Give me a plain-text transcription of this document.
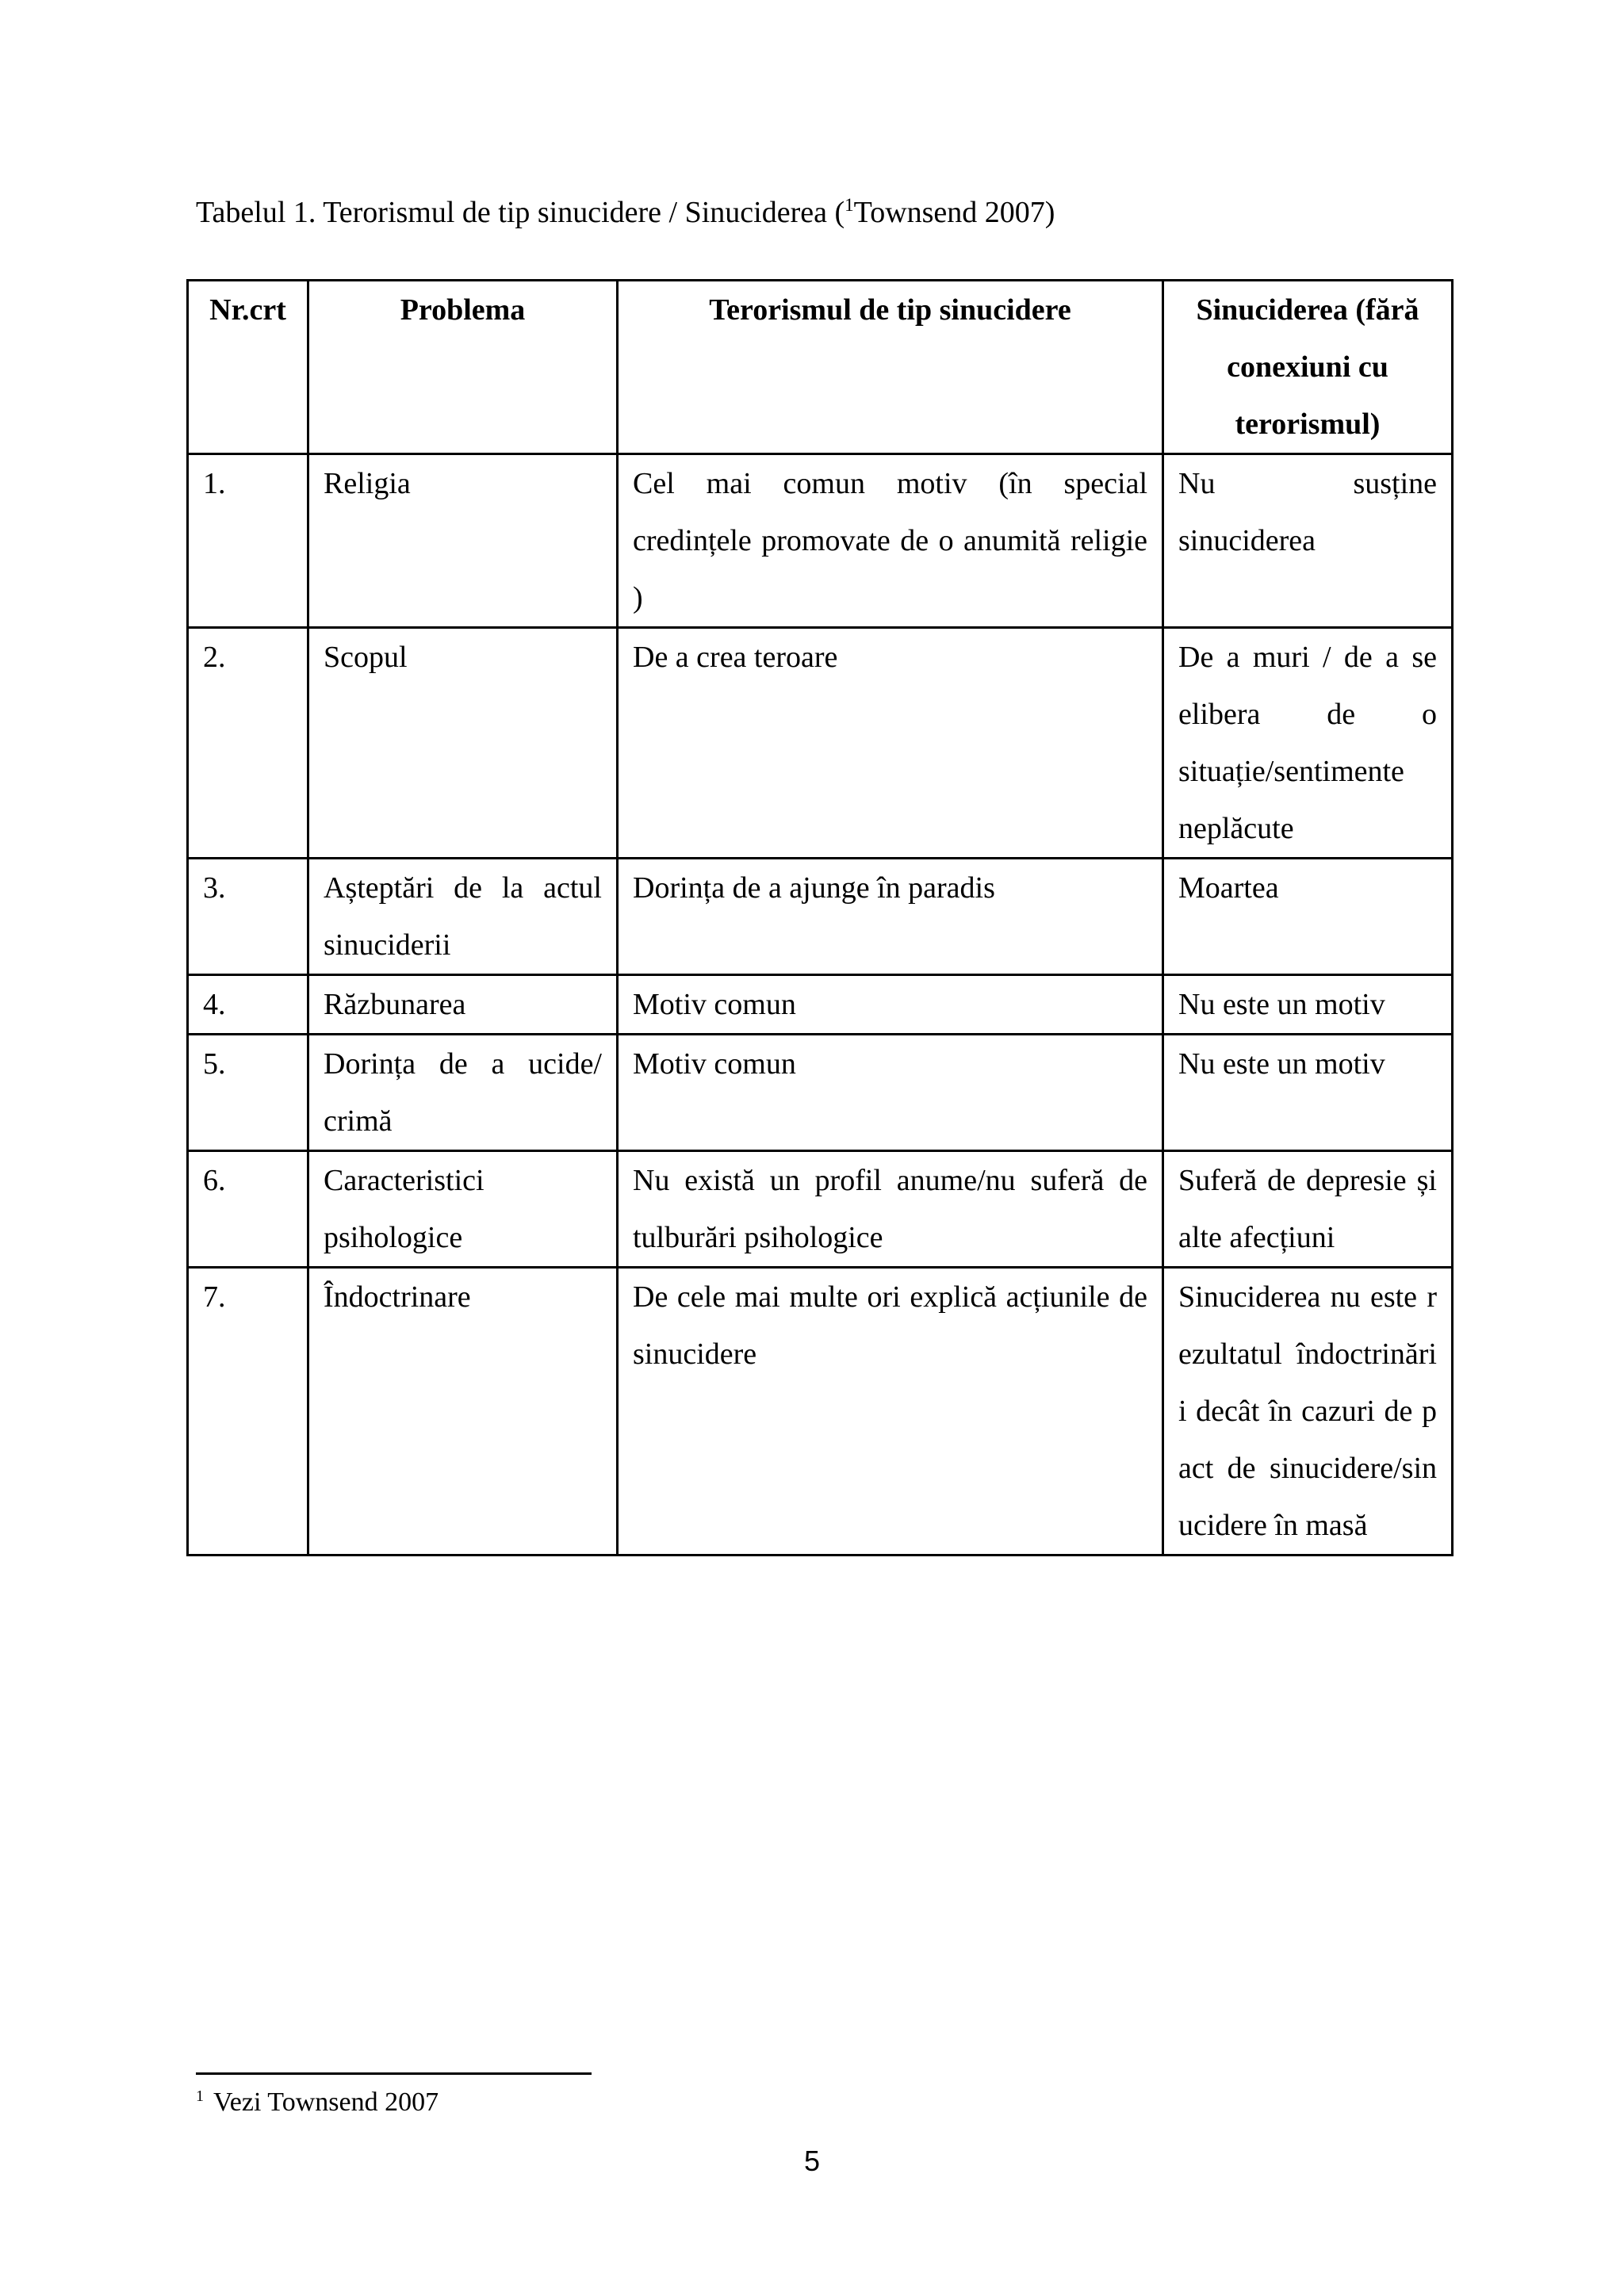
Tabelul 1. Terorismul de tip sinucidere / Sinuciderea ($^1$Townsend 2007)
Nr.crt	Problema	Terorismul de tip sinucidere	Sinuciderea (fără conexiuni cu terorismul)
1.	Religia	Cel mai comun motiv (în special credințele promovate de o anumită religie )	Nu susține sinuciderea
2.	Scopul	De a crea teroare	De a muri / de a se elibera de o situație/sentimente neplăcute
3.	Așteptări de la actul sinuciderii	Dorința de a ajunge în paradis	Moartea
4.	Răzbunarea	Motiv comun	Nu este un motiv
5.	Dorința de a ucide/ crimă	Motiv comun	Nu este un motiv
6.	Caracteristici psihologice	Nu există un profil anume/nu suferă de tulburări psihologice	Suferă de depresie și alte afecțiuni
7.	Îndoctrinare	De cele mai multe ori explică acțiunile de sinucidere	Sinuciderea nu este rezultatul îndoctrinării decât în cazuri de pact de sinucidere/sinucidere în masă
$^1$ Vezi Townsend 2007
5
